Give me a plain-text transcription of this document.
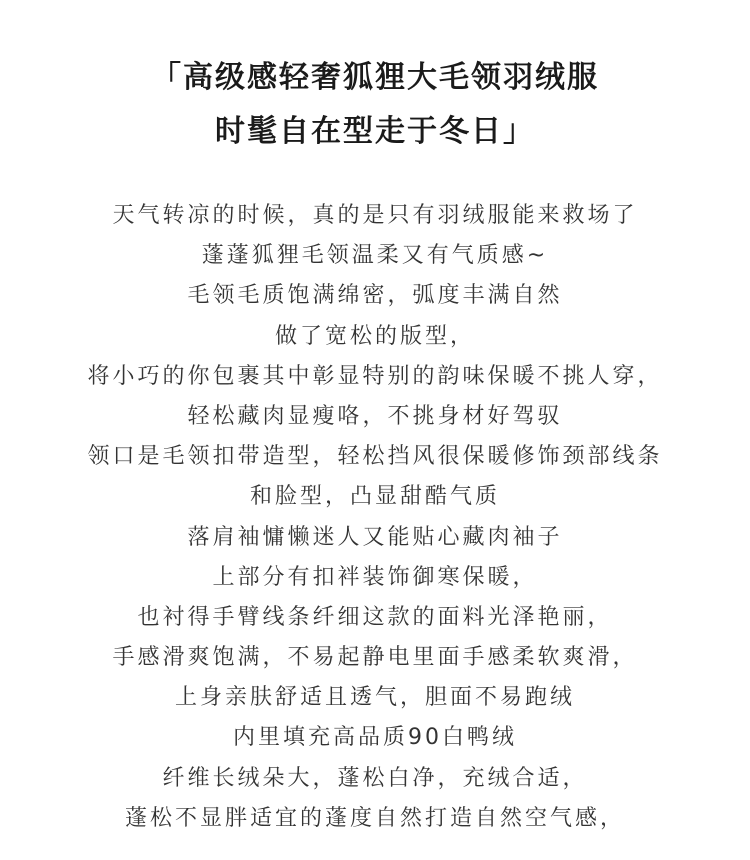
「高级感轻奢狐狸大毛领羽绒服
时髦自在型走于冬日」
天气转凉的时候，真的是只有羽绒服能来救场了
蓬蓬狐狸毛领温柔又有气质感~
毛领毛质饱满绵密，弧度丰满自然
做了宽松的版型，
将小巧的你包裹其中彰显特别的韵味保暖不挑人穿，
轻松藏肉显瘦咯，不挑身材好驾驭
领口是毛领扣带造型，轻松挡风很保暖修饰颈部线条
和脸型，凸显甜酷气质
落肩袖慵懒迷人又能贴心藏肉袖子
上部分有扣袢装饰御寒保暖，
也衬得手臂线条纤细这款的面料光泽艳丽，
手感滑爽饱满，不易起静电里面手感柔软爽滑，
上身亲肤舒适且透气，胆面不易跑绒
内里填充高品质90白鸭绒
纤维长绒朵大，蓬松白净，充绒合适，
蓬松不显胖适宜的蓬度自然打造自然空气感，
